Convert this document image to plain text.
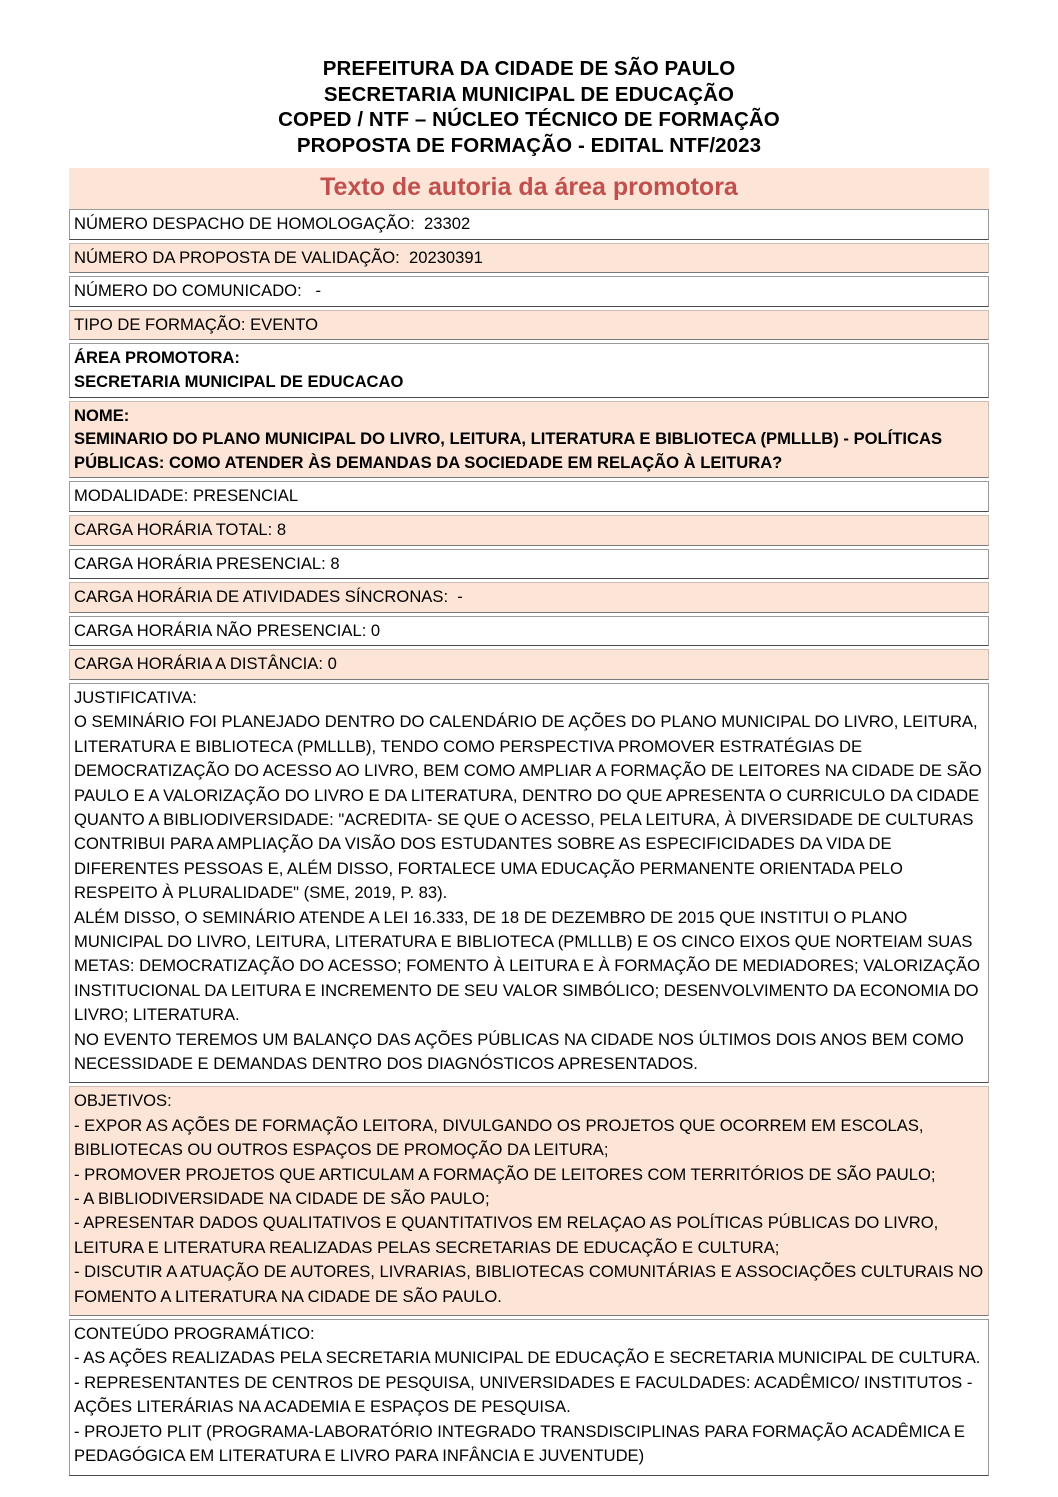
PREFEITURA DA CIDADE DE SÃO PAULO
SECRETARIA MUNICIPAL DE EDUCAÇÃO
COPED / NTF – NÚCLEO TÉCNICO DE FORMAÇÃO
PROPOSTA DE FORMAÇÃO - EDITAL NTF/2023
Texto de autoria da área promotora
NÚMERO DESPACHO DE HOMOLOGAÇÃO:  23302
NÚMERO DA PROPOSTA DE VALIDAÇÃO:  20230391
NÚMERO DO COMUNICADO:   -
TIPO DE FORMAÇÃO: EVENTO
ÁREA PROMOTORA:
SECRETARIA MUNICIPAL DE EDUCACAO
NOME:
SEMINARIO DO PLANO MUNICIPAL DO LIVRO, LEITURA, LITERATURA E BIBLIOTECA (PMLLLB) - POLÍTICAS PÚBLICAS: COMO ATENDER ÀS DEMANDAS DA SOCIEDADE EM RELAÇÃO À LEITURA?
MODALIDADE: PRESENCIAL
CARGA HORÁRIA TOTAL: 8
CARGA HORÁRIA PRESENCIAL: 8
CARGA HORÁRIA DE ATIVIDADES SÍNCRONAS:  -
CARGA HORÁRIA NÃO PRESENCIAL: 0
CARGA HORÁRIA A DISTÂNCIA: 0
JUSTIFICATIVA:
O SEMINÁRIO FOI PLANEJADO DENTRO DO CALENDÁRIO DE AÇÕES DO PLANO MUNICIPAL DO LIVRO, LEITURA, LITERATURA E BIBLIOTECA (PMLLLB), TENDO COMO PERSPECTIVA PROMOVER ESTRATÉGIAS DE DEMOCRATIZAÇÃO DO ACESSO AO LIVRO, BEM COMO AMPLIAR A FORMAÇÃO DE LEITORES NA CIDADE DE SÃO PAULO E A VALORIZAÇÃO DO LIVRO E DA LITERATURA, DENTRO DO QUE APRESENTA O CURRICULO DA CIDADE QUANTO A BIBLIODIVERSIDADE: "ACREDITA- SE QUE O ACESSO, PELA LEITURA, À DIVERSIDADE DE CULTURAS CONTRIBUI PARA AMPLIAÇÃO DA VISÃO DOS ESTUDANTES SOBRE AS ESPECIFICIDADES DA VIDA DE DIFERENTES PESSOAS E, ALÉM DISSO, FORTALECE UMA EDUCAÇÃO PERMANENTE ORIENTADA PELO RESPEITO À PLURALIDADE" (SME, 2019, P. 83).
ALÉM DISSO, O SEMINÁRIO ATENDE A LEI 16.333, DE 18 DE DEZEMBRO DE 2015 QUE INSTITUI O PLANO MUNICIPAL DO LIVRO, LEITURA, LITERATURA E BIBLIOTECA (PMLLLB) E OS CINCO EIXOS QUE NORTEIAM SUAS METAS: DEMOCRATIZAÇÃO DO ACESSO; FOMENTO À LEITURA E À FORMAÇÃO DE MEDIADORES; VALORIZAÇÃO INSTITUCIONAL DA LEITURA E INCREMENTO DE SEU VALOR SIMBÓLICO; DESENVOLVIMENTO DA ECONOMIA DO LIVRO; LITERATURA.
NO EVENTO TEREMOS UM BALANÇO DAS AÇÕES PÚBLICAS NA CIDADE NOS ÚLTIMOS DOIS ANOS BEM COMO NECESSIDADE E DEMANDAS DENTRO DOS DIAGNÓSTICOS APRESENTADOS.
OBJETIVOS:
- EXPOR AS AÇÕES DE FORMAÇÃO LEITORA, DIVULGANDO OS PROJETOS QUE OCORREM EM ESCOLAS, BIBLIOTECAS OU OUTROS ESPAÇOS DE PROMOÇÃO DA LEITURA;
- PROMOVER PROJETOS QUE ARTICULAM A FORMAÇÃO DE LEITORES COM TERRITÓRIOS DE SÃO PAULO;
- A BIBLIODIVERSIDADE NA CIDADE DE SÃO PAULO;
- APRESENTAR DADOS QUALITATIVOS E QUANTITATIVOS EM RELAÇAO AS POLÍTICAS PÚBLICAS DO LIVRO, LEITURA E LITERATURA REALIZADAS PELAS SECRETARIAS DE EDUCAÇÃO E CULTURA;
- DISCUTIR A ATUAÇÃO DE AUTORES, LIVRARIAS, BIBLIOTECAS COMUNITÁRIAS E ASSOCIAÇÕES CULTURAIS NO FOMENTO A LITERATURA NA CIDADE DE SÃO PAULO.
CONTEÚDO PROGRAMÁTICO:
- AS AÇÕES REALIZADAS PELA SECRETARIA MUNICIPAL DE EDUCAÇÃO E SECRETARIA MUNICIPAL DE CULTURA.
- REPRESENTANTES DE CENTROS DE PESQUISA, UNIVERSIDADES E FACULDADES: ACADÊMICO/ INSTITUTOS - AÇÕES LITERÁRIAS NA ACADEMIA E ESPAÇOS DE PESQUISA.
- PROJETO PLIT (PROGRAMA-LABORATÓRIO INTEGRADO TRANSDISCIPLINAS PARA FORMAÇÃO ACADÊMICA E PEDAGÓGICA EM LITERATURA E LIVRO PARA INFÂNCIA E JUVENTUDE)
